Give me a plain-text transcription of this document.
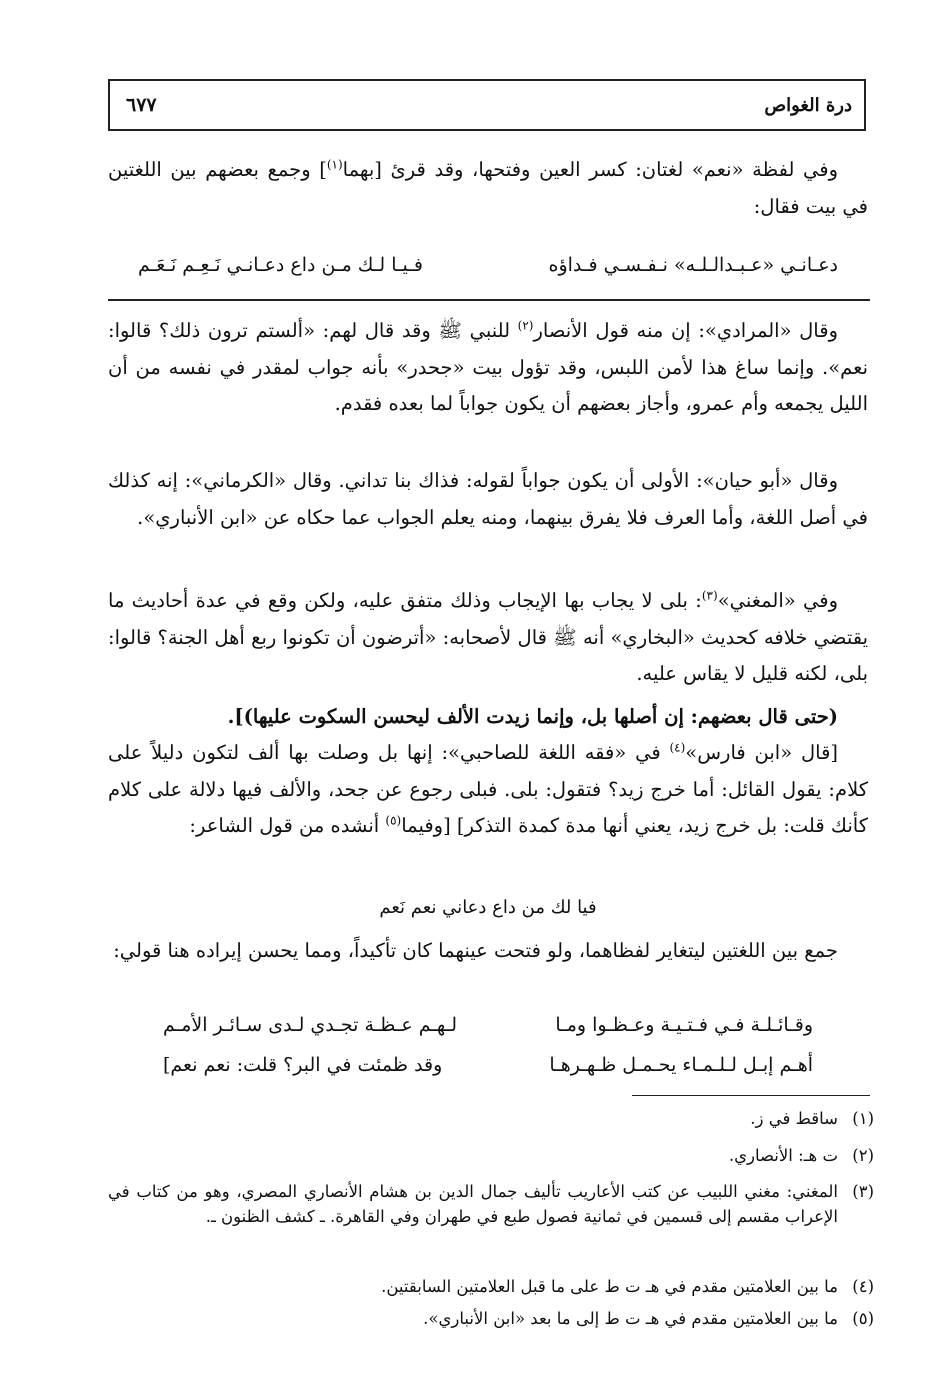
٦٧٧	درة الغواص

وفي لفظة «نعم» لغتان: كسر العين وفتحها، وقد قرئ [بهما$^{(١)}$] وجمع بعضهم بين اللغتين في بيت فقال:

دعـانـي «عـبـدالـلـه» نـفـسـي فـداؤه
فـيـا لـك مـن داع دعـانـي نَـعِـم نَـعَـم

وقال «المرادي»: إن منه قول الأنصار$^{(٢)}$ للنبي ﷺ وقد قال لهم: «ألستم ترون ذلك؟ قالوا: نعم». وإنما ساغ هذا لأمن اللبس، وقد تؤول بيت «جحدر» بأنه جواب لمقدر في نفسه من أن الليل يجمعه وأم عمرو، وأجاز بعضهم أن يكون جواباً لما بعده فقدم.

وقال «أبو حيان»: الأولى أن يكون جواباً لقوله: فذاك بنا تداني. وقال «الكرماني»: إنه كذلك في أصل اللغة، وأما العرف فلا يفرق بينهما، ومنه يعلم الجواب عما حكاه عن «ابن الأنباري».

وفي «المغني»$^{(٣)}$: بلى لا يجاب بها الإيجاب وذلك متفق عليه، ولكن وقع في عدة أحاديث ما يقتضي خلافه كحديث «البخاري» أنه ﷺ قال لأصحابه: «أترضون أن تكونوا ربع أهل الجنة؟ قالوا: بلى، لكنه قليل لا يقاس عليه.

(حتى قال بعضهم: إن أصلها بل، وإنما زيدت الألف ليحسن السكوت عليها)].

[قال «ابن فارس»$^{(٤)}$ في «فقه اللغة للصاحبي»: إنها بل وصلت بها ألف لتكون دليلاً على كلام: يقول القائل: أما خرج زيد؟ فتقول: بلى. فبلى رجوع عن جحد، والألف فيها دلالة على كلام كأنك قلت: بل خرج زيد، يعني أنها مدة كمدة التذكر] [وفيما$^{(٥)}$ أنشده من قول الشاعر:

فيا لك من داع دعاني نعم نَعم

جمع بين اللغتين ليتغاير لفظاهما، ولو فتحت عينهما كان تأكيداً، ومما يحسن إيراده هنا قولي:

وقـائـلـة فـي فـتـيـة وعـظـوا ومـا
لـهـم عـظـة تجـدي لـدى سـائـر الأمـم
أهـم إبـل لـلـمـاء يحـمـل ظـهـرهـا
وقد ظمئت في البر؟ قلت: نعم نعم]
(١)
ساقط في ز.
(٢)
ت هـ: الأنصاري.
(٣)
المغني: مغني اللبيب عن كتب الأعاريب تأليف جمال الدين بن هشام الأنصاري المصري، وهو من كتاب في الإعراب مقسم إلى قسمين في ثمانية فصول طبع في طهران وفي القاهرة. ـ كشف الظنون ـ.
(٤)
ما بين العلامتين مقدم في هـ ت ط على ما قبل العلامتين السابقتين.
(٥)
ما بين العلامتين مقدم في هـ ت ط إلى ما بعد «ابن الأنباري».
